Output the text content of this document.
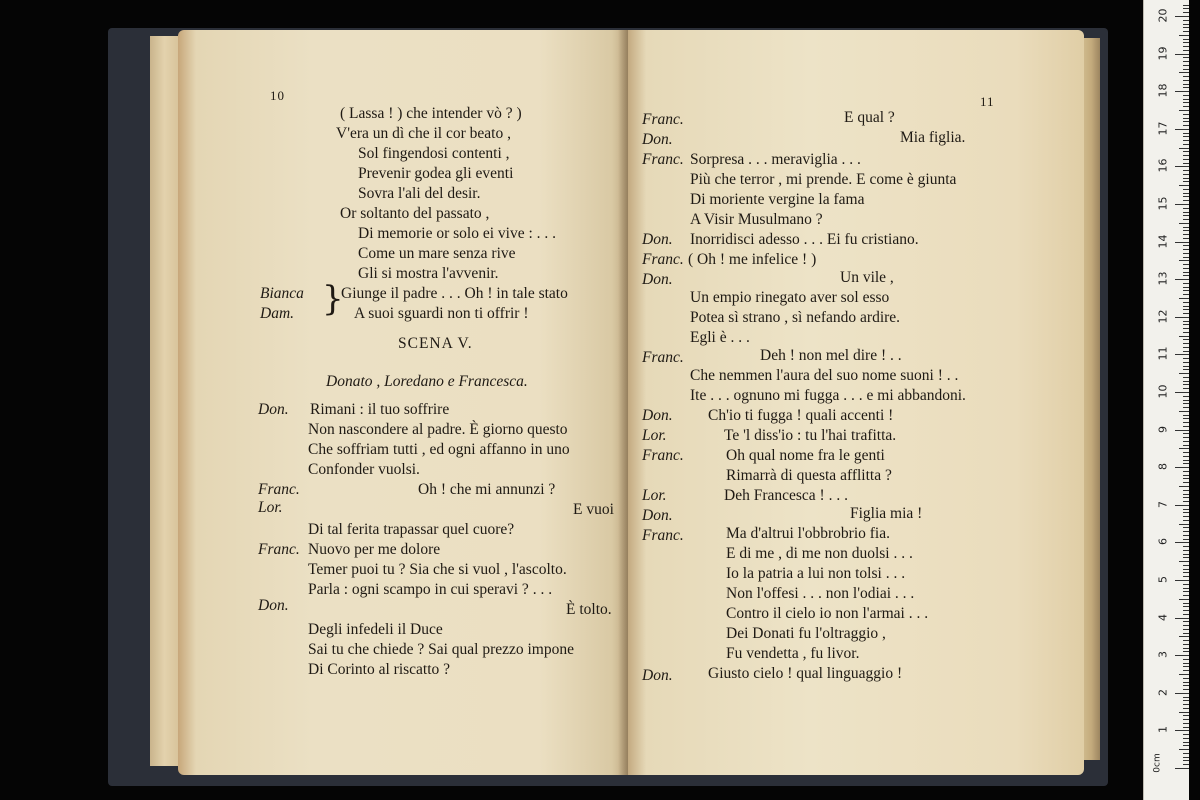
10
( Lassa ! ) che intender vò ? )
V'era un dì che il cor beato ,
Sol fingendosi contenti ,
Prevenir godea gli eventi
Sovra l'ali del desir.
Or soltanto del passato ,
Di memorie or solo ei vive : . . .
Come un mare senza rive
Gli si mostra l'avvenir.
Bianca
Dam. }
Giunge il padre . . . Oh ! in tale stato
A suoi sguardi non ti offrir !
SCENA V.
Donato , Loredano e Francesca.
Don. Rimani : il tuo soffrire
Non nascondere al padre. È giorno questo
Che soffriam tutti , ed ogni affanno in uno
Confonder vuolsi.
Franc.	Oh ! che mi annunzi ?
Lor.	E vuoi
Di tal ferita trapassar quel cuore?
Franc. Nuovo per me dolore
Temer puoi tu ? Sia che si vuol , l'ascolto.
Parla : ogni scampo in cui speravi ? . . .
Don.	È tolto.
Degli infedeli il Duce
Sai tu che chiede ? Sai qual prezzo impone
Di Corinto al riscatto ?
11
Franc.	E qual ?
Don.	Mia figlia.
Franc. Sorpresa . . . meraviglia . . .
Più che terror , mi prende. E come è giunta
Di moriente vergine la fama
A Visir Musulmano ?
Don. Inorridisci adesso . . . Ei fu cristiano.
Franc. ( Oh ! me infelice ! )
Don.	Un vile ,
Un empio rinegato aver sol esso
Potea sì strano , sì nefando ardire.
Egli è . . .
Franc.	Deh ! non mel dire ! . .
Che nemmen l'aura del suo nome suoni ! . .
Ite . . . ognuno mi fugga . . . e mi abbandoni.
Don. Ch'io ti fugga ! quali accenti !
Lor.	Te 'l diss'io : tu l'hai trafitta.
Franc.	Oh qual nome fra le genti
Rimarrà di questa afflitta ?
Lor.	Deh Francesca ! . . .
Don.	Figlia mia !
Franc.	Ma d'altrui l'obbrobrio fia.
E di me , di me non duolsi . . .
Io la patria a lui non tolsi . . .
Non l'offesi . . . non l'odiai . . .
Contro il cielo io non l'armai . . .
Dei Donati fu l'oltraggio ,
Fu vendetta , fu livor.
Don. Giusto cielo ! qual linguaggio !
0cm
1
2
3
4
5
6
7
8
9
10
11
12
13
14
15
16
17
18
19
20
